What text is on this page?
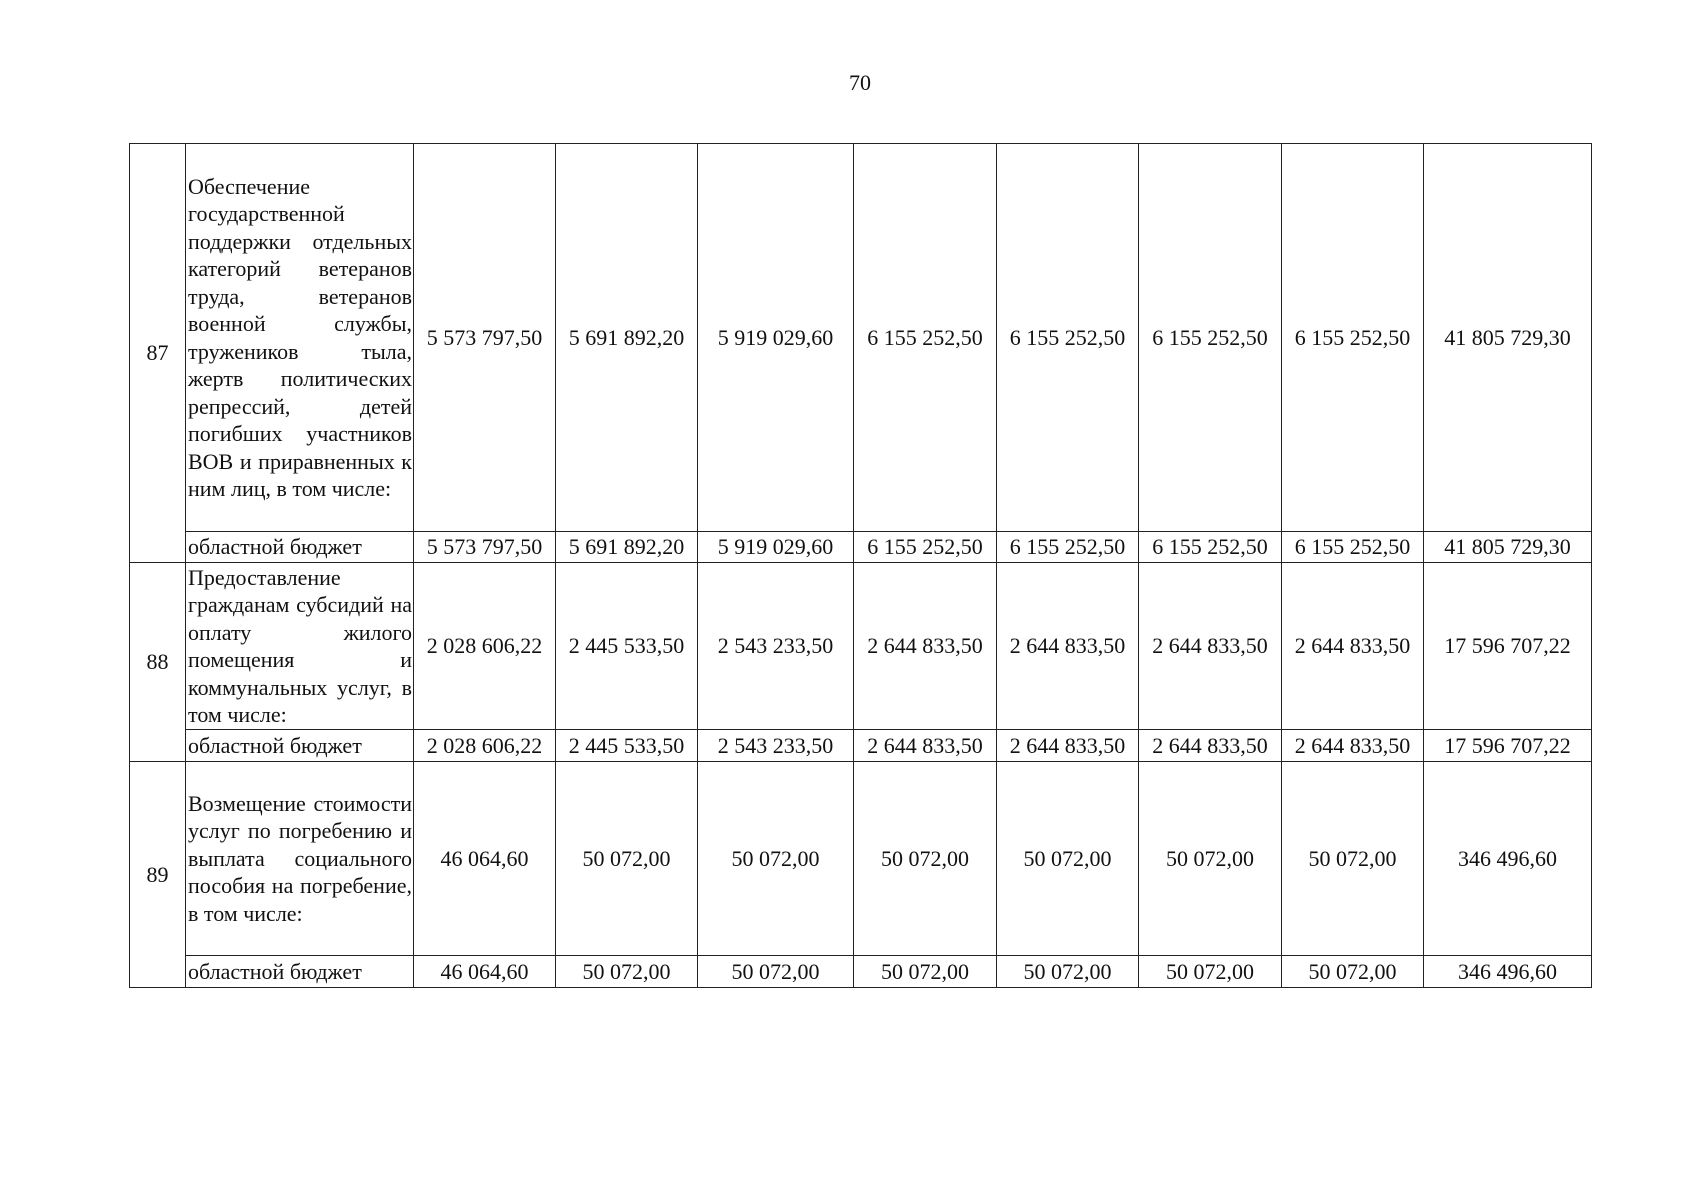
70
87	Обеспечение государственной поддержки отдельных категорий ветеранов труда, ветеранов военной службы, тружеников тыла, жертв политических репрессий, детей погибших участников ВОВ и приравненных к ним лиц, в том числе:	5 573 797,50	5 691 892,20	5 919 029,60	6 155 252,50	6 155 252,50	6 155 252,50	6 155 252,50	41 805 729,30
	областной бюджет	5 573 797,50	5 691 892,20	5 919 029,60	6 155 252,50	6 155 252,50	6 155 252,50	6 155 252,50	41 805 729,30
88	Предоставление гражданам субсидий на оплату жилого помещения и коммунальных услуг, в том числе:	2 028 606,22	2 445 533,50	2 543 233,50	2 644 833,50	2 644 833,50	2 644 833,50	2 644 833,50	17 596 707,22
	областной бюджет	2 028 606,22	2 445 533,50	2 543 233,50	2 644 833,50	2 644 833,50	2 644 833,50	2 644 833,50	17 596 707,22
89	Возмещение стоимости услуг по погребению и выплата социального пособия на погребение, в том числе:	46 064,60	50 072,00	50 072,00	50 072,00	50 072,00	50 072,00	50 072,00	346 496,60
	областной бюджет	46 064,60	50 072,00	50 072,00	50 072,00	50 072,00	50 072,00	50 072,00	346 496,60
